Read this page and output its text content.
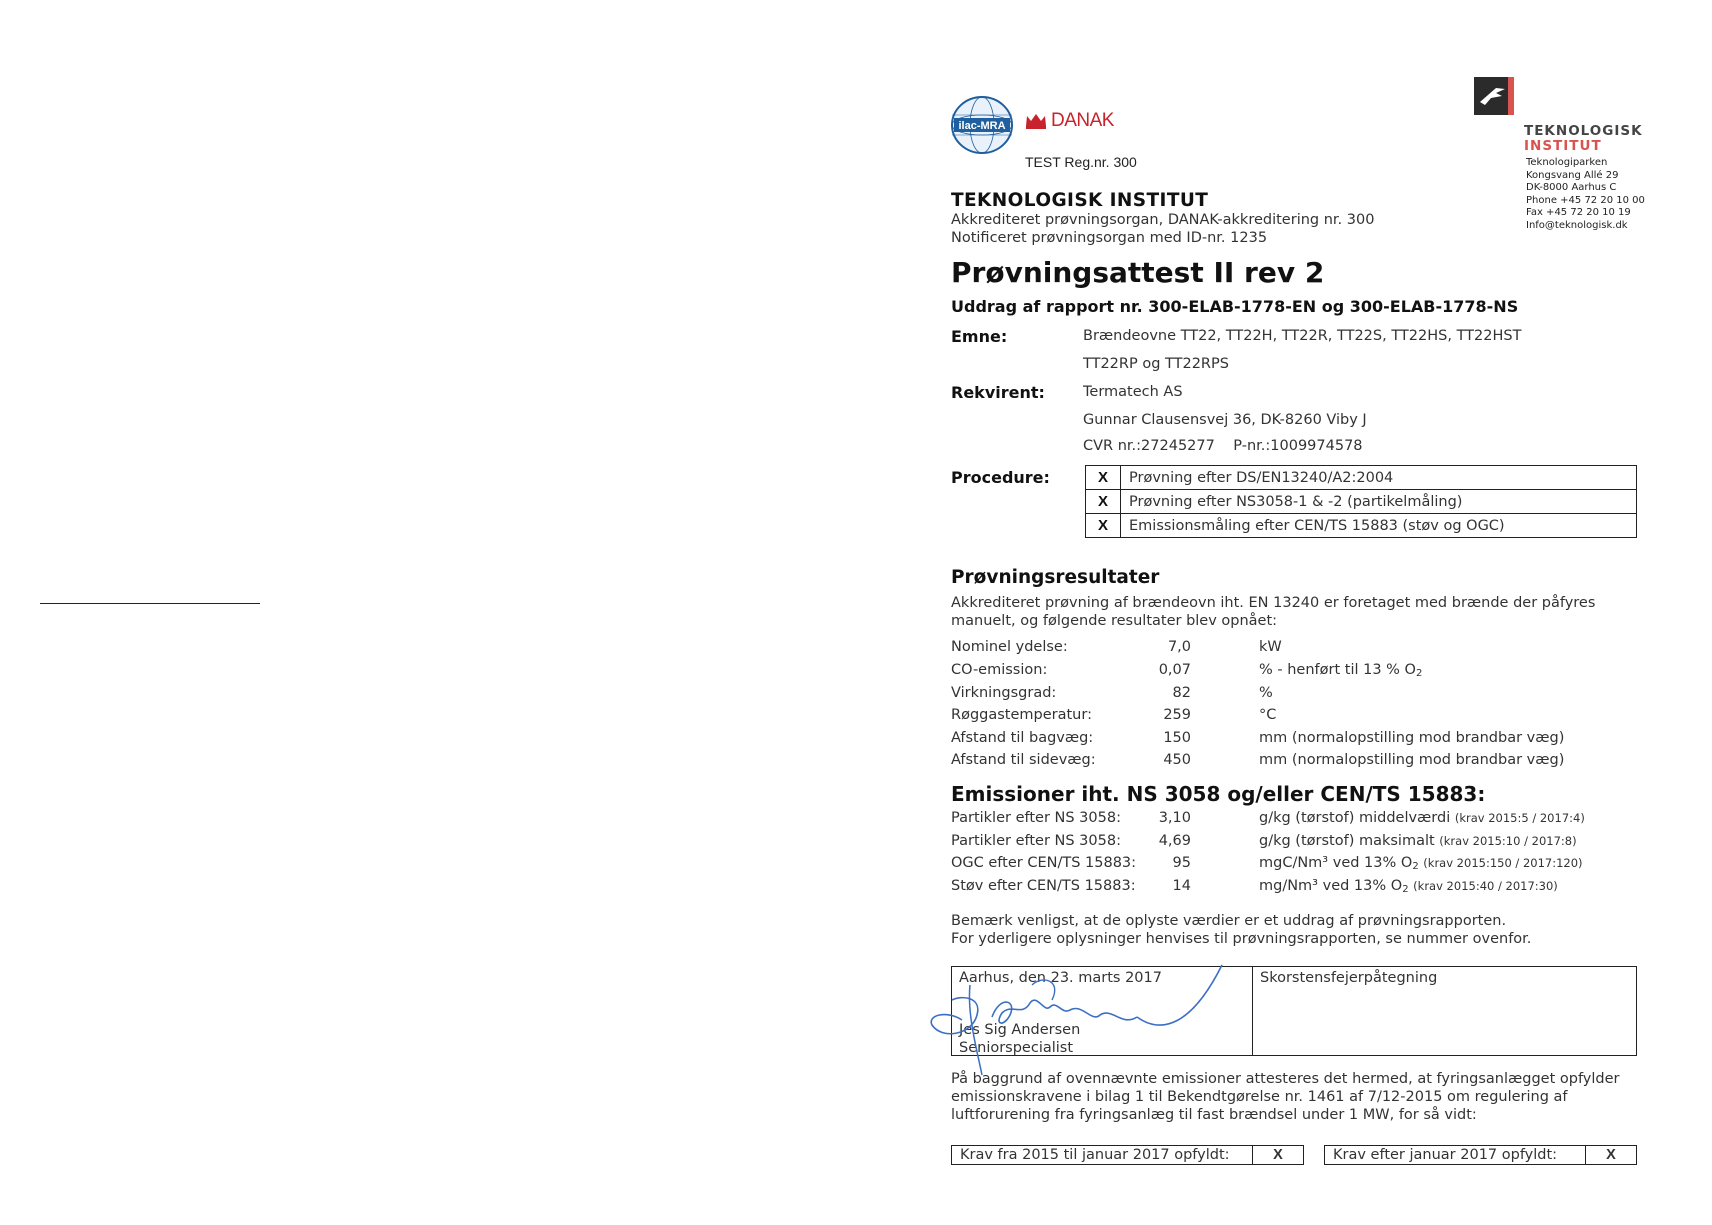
ilac-MRA DANAK
TEST Reg.nr. 300
TEKNOLOGISK
INSTITUT
Teknologiparken
Kongsvang Allé 29
DK-8000 Aarhus C
Phone +45 72 20 10 00
Fax +45 72 20 10 19
Info@teknologisk.dk
TEKNOLOGISK INSTITUT
Akkrediteret prøvningsorgan, DANAK-akkreditering nr. 300
Notificeret prøvningsorgan med ID-nr. 1235
Prøvningsattest II rev 2
Uddrag af rapport nr. 300-ELAB-1778-EN og 300-ELAB-1778-NS
Emne:	Brændeovne TT22, TT22H, TT22R, TT22S, TT22HS, TT22HST
TT22RP og TT22RPS
Rekvirent:	Termatech AS
Gunnar Clausensvej 36, DK-8260 Viby J
CVR nr.:27245277 P-nr.:1009974578
Procedure:	X	Prøvning efter DS/EN13240/A2:2004
X	Prøvning efter NS3058-1 & -2 (partikelmåling)
X	Emissionsmåling efter CEN/TS 15883 (støv og OGC)
Prøvningsresultater
Akkrediteret prøvning af brændeovn iht. EN 13240 er foretaget med brænde der påfyres manuelt, og følgende resultater blev opnået:
Nominel ydelse:	7,0	kW
CO-emission:	0,07	% - henført til 13 % $O_2$
Virkningsgrad:	82	%
Røggastemperatur:	259	°C
Afstand til bagvæg:	150	mm (normalopstilling mod brandbar væg)
Afstand til sidevæg:	450	mm (normalopstilling mod brandbar væg)
Emissioner iht. NS 3058 og/eller CEN/TS 15883:
Partikler efter NS 3058:	3,10	g/kg (tørstof) middelværdi (krav 2015:5 / 2017:4)
Partikler efter NS 3058:	4,69	g/kg (tørstof) maksimalt (krav 2015:10 / 2017:8)
OGC efter CEN/TS 15883:	95	mgC/Nm³ ved 13% $O_2$ (krav 2015:150 / 2017:120)
Støv efter CEN/TS 15883:	14	mg/Nm³ ved 13% $O_2$ (krav 2015:40 / 2017:30)
Bemærk venligst, at de oplyste værdier er et uddrag af prøvningsrapporten.
For yderligere oplysninger henvises til prøvningsrapporten, se nummer ovenfor.
Aarhus, den 23. marts 2017	Skorstensfejerpåtegning
Jes Sig Andersen
Seniorspecialist
På baggrund af ovennævnte emissioner attesteres det hermed, at fyringsanlægget opfylder emissionskravene i bilag 1 til Bekendtgørelse nr. 1461 af 7/12-2015 om regulering af luftforurening fra fyringsanlæg til fast brændsel under 1 MW, for så vidt:
Krav fra 2015 til januar 2017 opfyldt:	X	Krav efter januar 2017 opfyldt:	X
